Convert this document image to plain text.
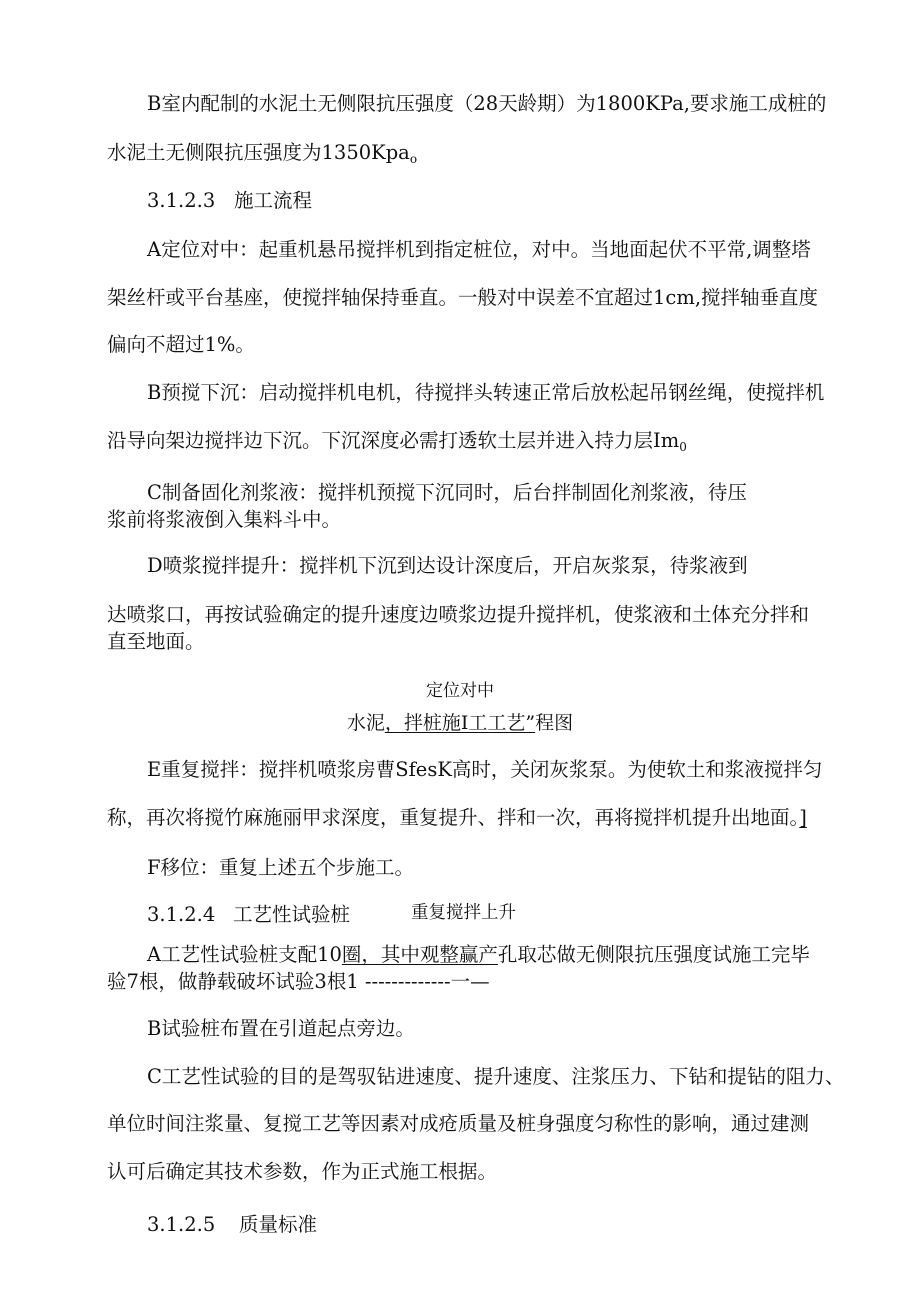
B室内配制的水泥土无侧限抗压强度（28天龄期）为1800KPa,要求施工成桩的
水泥土无侧限抗压强度为1350Kpa$_o$
3.1.2.3 施工流程
A定位对中：起重机悬吊搅拌机到指定桩位，对中。当地面起伏不平常,调整塔
架丝杆或平台基座，使搅拌轴保持垂直。一般对中误差不宜超过1cm,搅拌轴垂直度
偏向不超过1%。
B预搅下沉：启动搅拌机电机，待搅拌头转速正常后放松起吊钢丝绳，使搅拌机
沿导向架边搅拌边下沉。下沉深度必需打透软土层并进入持力层$Im_0$
C制备固化剂浆液：搅拌机预搅下沉同时，后台拌制固化剂浆液，待压
浆前将浆液倒入集料斗中。
D喷浆搅拌提升：搅拌机下沉到达设计深度后，开启灰浆泵，待浆液到
达喷浆口，再按试验确定的提升速度边喷浆边提升搅拌机，使浆液和土体充分拌和
直至地面。
定位对中
水泥，拌桩施I工工艺”程图
E重复搅拌：搅拌机喷浆房曹SfesK高时，关闭灰浆泵。为使软土和浆液搅拌匀
称，再次将搅竹麻施丽甲求深度，重复提升、拌和一次，再将搅拌机提升出地面。]
F移位：重复上述五个步施工。
3.1.2.4 工艺性试验桩	重复搅拌上升
A工艺性试验桩支配10圈，其中观整赢产孔取芯做无侧限抗压强度试施工完毕
验7根，做静载破坏试验3根1 -------------一—
B试验桩布置在引道起点旁边。
C工艺性试验的目的是驾驭钻进速度、提升速度、注浆压力、下钻和提钻的阻力、
单位时间注浆量、复搅工艺等因素对成疮质量及桩身强度匀称性的影响，通过建测
认可后确定其技术参数，作为正式施工根据。
3.1.2.5 质量标准
